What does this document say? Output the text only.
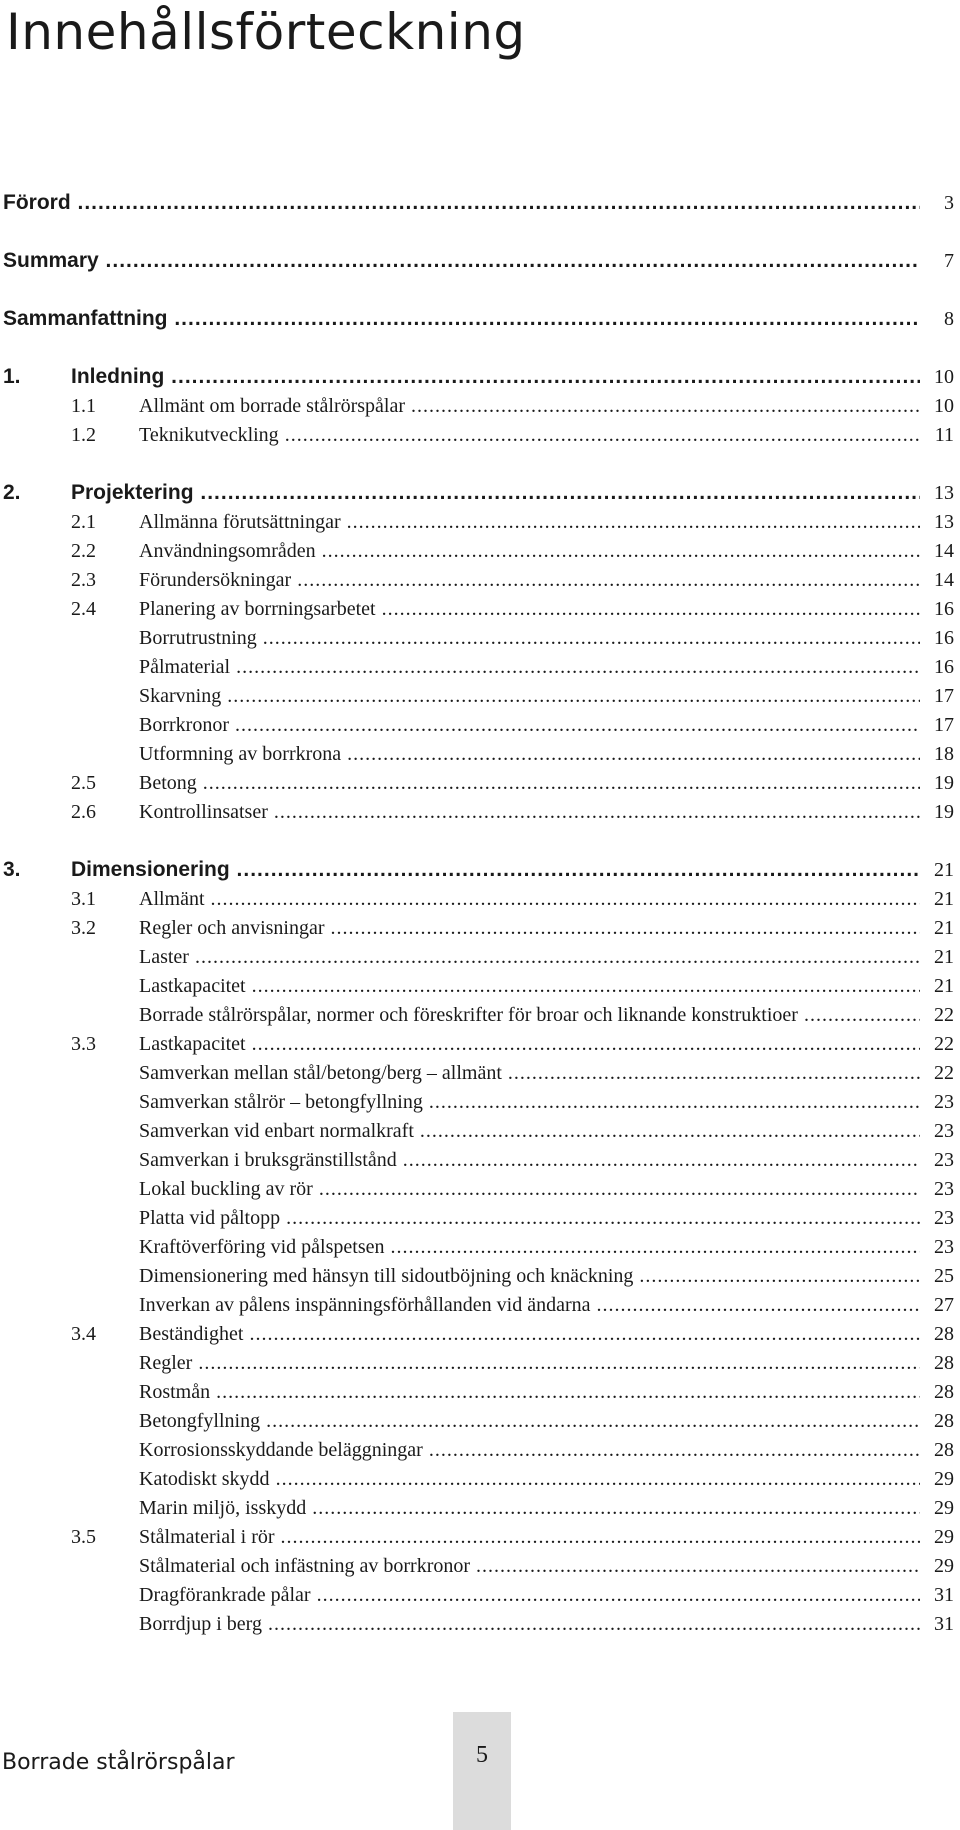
Innehållsförteckning
Förord .....	3
Summary .....	7
Sammanfattning .....	8
1. Inledning .....	10
1.1 Allmänt om borrade stålrörspålar .....	10
1.2 Teknikutveckling .....	11
2. Projektering .....	13
2.1 Allmänna förutsättningar .....	13
2.2 Användningsområden .....	14
2.3 Förundersökningar .....	14
2.4 Planering av borrningsarbetet .....	16
Borrutrustning .....	16
Pålmaterial .....	16
Skarvning .....	17
Borrkronor .....	17
Utformning av borrkrona .....	18
2.5 Betong .....	19
2.6 Kontrollinsatser .....	19
3. Dimensionering .....	21
3.1 Allmänt .....	21
3.2 Regler och anvisningar .....	21
Laster .....	21
Lastkapacitet .....	21
Borrade stålrörspålar, normer och föreskrifter för broar och liknande konstruktioer .....	22
3.3 Lastkapacitet .....	22
Samverkan mellan stål/betong/berg – allmänt .....	22
Samverkan stålrör – betongfyllning .....	23
Samverkan vid enbart normalkraft .....	23
Samverkan i bruksgränstillstånd .....	23
Lokal buckling av rör .....	23
Platta vid påltopp .....	23
Kraftöverföring vid pålspetsen .....	23
Dimensionering med hänsyn till sidoutböjning och knäckning .....	25
Inverkan av pålens inspänningsförhållanden vid ändarna .....	27
3.4 Beständighet .....	28
Regler .....	28
Rostmån .....	28
Betongfyllning .....	28
Korrosionsskyddande beläggningar .....	28
Katodiskt skydd .....	29
Marin miljö, isskydd .....	29
3.5 Stålmaterial i rör .....	29
Stålmaterial och infästning av borrkronor .....	29
Dragförankrade pålar .....	31
Borrdjup i berg .....	31
Borrade stålrörspålar	5
